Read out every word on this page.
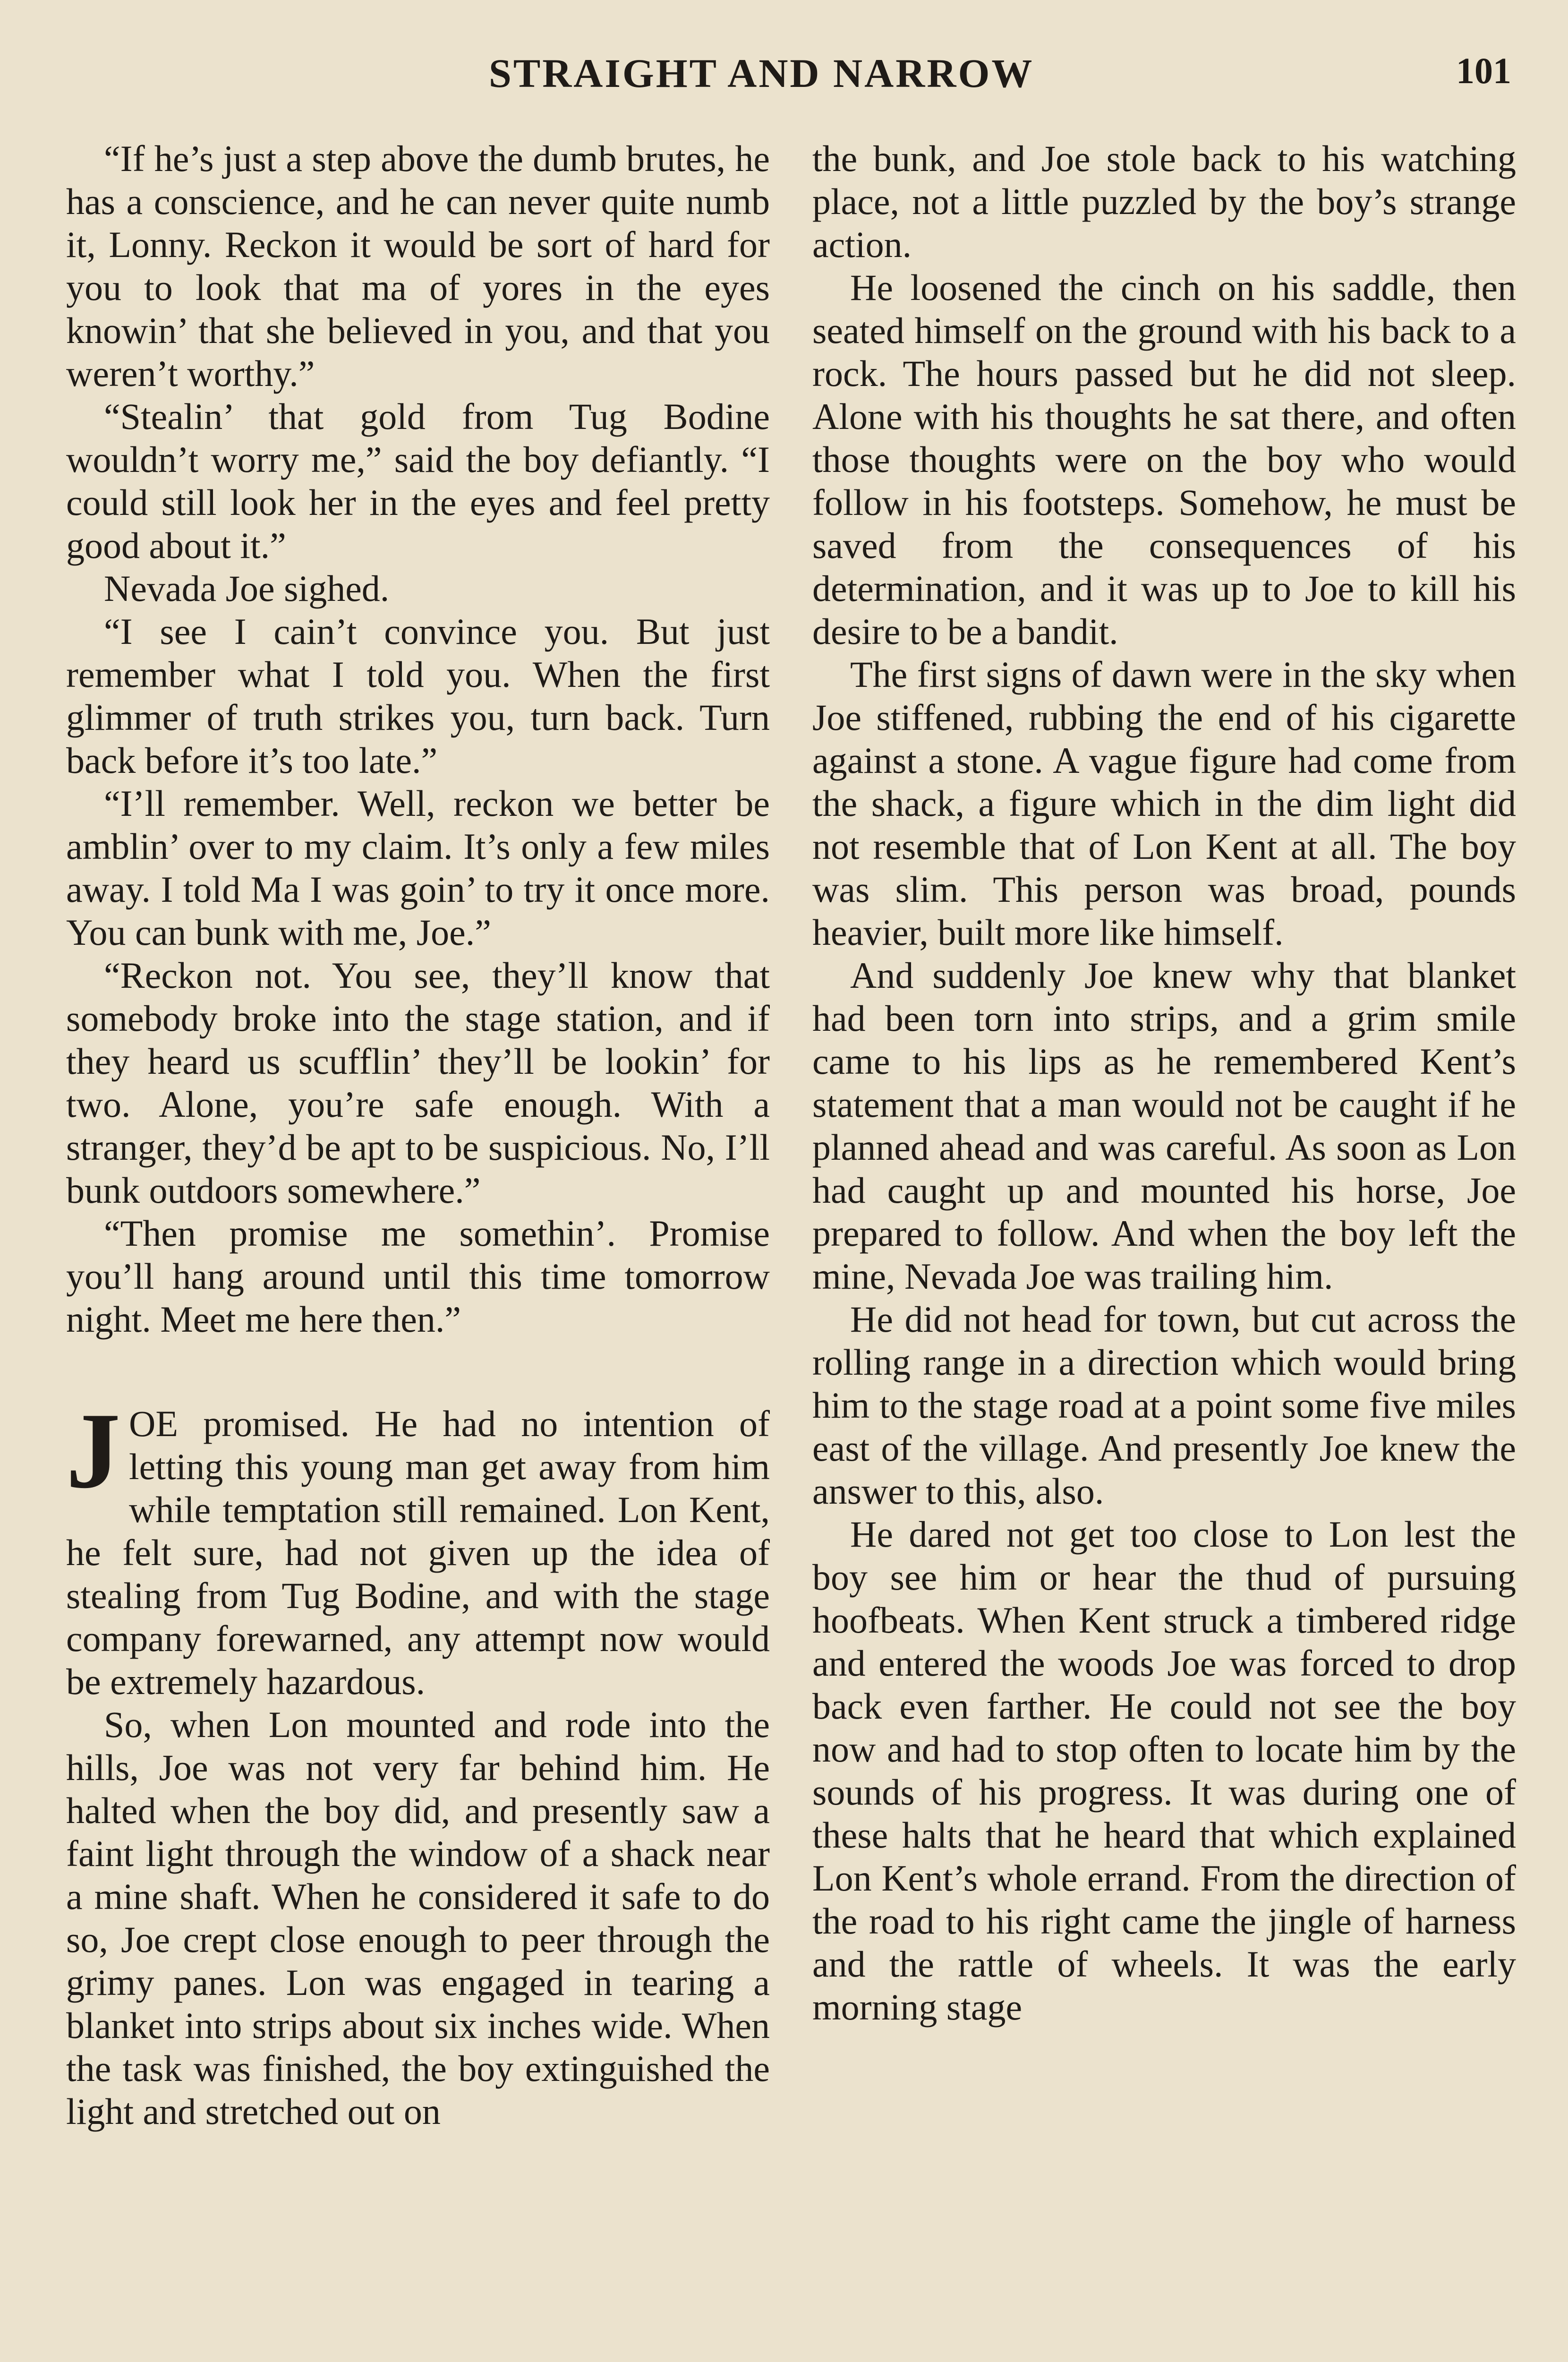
STRAIGHT AND NARROW	101

“If he’s just a step above the dumb brutes, he has a conscience, and he can never quite numb it, Lonny. Reckon it would be sort of hard for you to look that ma of yores in the eyes knowin’ that she believed in you, and that you weren’t worthy.”

“Stealin’ that gold from Tug Bodine wouldn’t worry me,” said the boy defiantly. “I could still look her in the eyes and feel pretty good about it.”

Nevada Joe sighed.

“I see I cain’t convince you. But just remember what I told you. When the first glimmer of truth strikes you, turn back. Turn back before it’s too late.”

“I’ll remember. Well, reckon we better be amblin’ over to my claim. It’s only a few miles away. I told Ma I was goin’ to try it once more. You can bunk with me, Joe.”

“Reckon not. You see, they’ll know that somebody broke into the stage station, and if they heard us scufflin’ they’ll be lookin’ for two. Alone, you’re safe enough. With a stranger, they’d be apt to be suspicious. No, I’ll bunk outdoors somewhere.”

“Then promise me somethin’. Promise you’ll hang around until this time tomorrow night. Meet me here then.”

JOE promised. He had no intention of letting this young man get away from him while temptation still remained. Lon Kent, he felt sure, had not given up the idea of stealing from Tug Bodine, and with the stage company forewarned, any attempt now would be extremely hazardous.

So, when Lon mounted and rode into the hills, Joe was not very far behind him. He halted when the boy did, and presently saw a faint light through the window of a shack near a mine shaft. When he considered it safe to do so, Joe crept close enough to peer through the grimy panes. Lon was engaged in tearing a blanket into strips about six inches wide. When the task was finished, the boy extinguished the light and stretched out on

the bunk, and Joe stole back to his watching place, not a little puzzled by the boy’s strange action.

He loosened the cinch on his saddle, then seated himself on the ground with his back to a rock. The hours passed but he did not sleep. Alone with his thoughts he sat there, and often those thoughts were on the boy who would follow in his footsteps. Somehow, he must be saved from the consequences of his determination, and it was up to Joe to kill his desire to be a bandit.

The first signs of dawn were in the sky when Joe stiffened, rubbing the end of his cigarette against a stone. A vague figure had come from the shack, a figure which in the dim light did not resemble that of Lon Kent at all. The boy was slim. This person was broad, pounds heavier, built more like himself.

And suddenly Joe knew why that blanket had been torn into strips, and a grim smile came to his lips as he remembered Kent’s statement that a man would not be caught if he planned ahead and was careful. As soon as Lon had caught up and mounted his horse, Joe prepared to follow. And when the boy left the mine, Nevada Joe was trailing him.

He did not head for town, but cut across the rolling range in a direction which would bring him to the stage road at a point some five miles east of the village. And presently Joe knew the answer to this, also.

He dared not get too close to Lon lest the boy see him or hear the thud of pursuing hoofbeats. When Kent struck a timbered ridge and entered the woods Joe was forced to drop back even farther. He could not see the boy now and had to stop often to locate him by the sounds of his progress. It was during one of these halts that he heard that which explained Lon Kent’s whole errand. From the direction of the road to his right came the jingle of harness and the rattle of wheels. It was the early morning stage
